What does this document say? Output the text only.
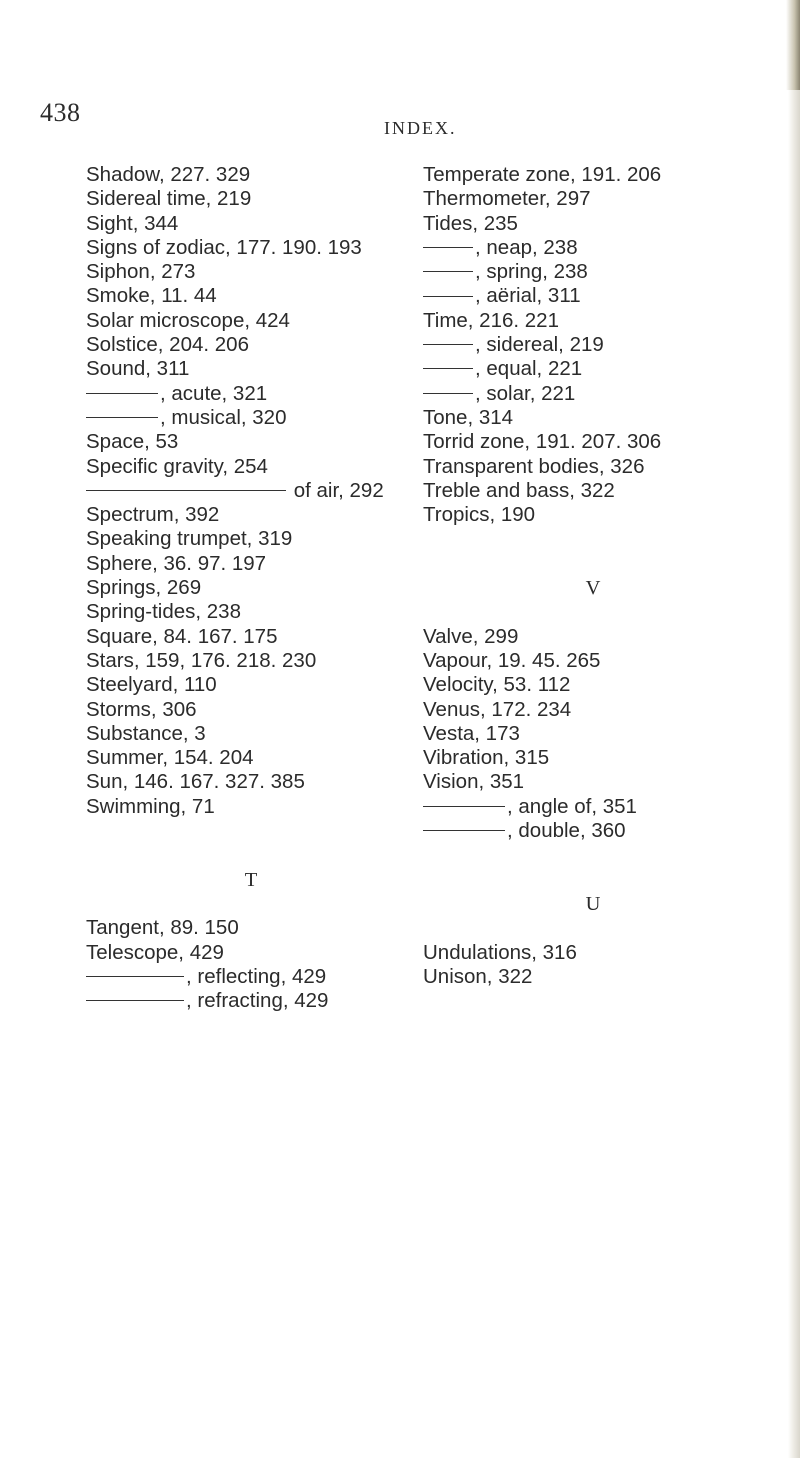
438
INDEX.
Shadow, 227. 329
Sidereal time, 219
Sight, 344
Signs of zodiac, 177. 190. 193
Siphon, 273
Smoke, 11. 44
Solar microscope, 424
Solstice, 204. 206
Sound, 311
, acute, 321
, musical, 320
Space, 53
Specific gravity, 254
of air, 292
Spectrum, 392
Speaking trumpet, 319
Sphere, 36. 97. 197
Springs, 269
Spring-tides, 238
Square, 84. 167. 175
Stars, 159, 176. 218. 230
Steelyard, 110
Storms, 306
Substance, 3
Summer, 154. 204
Sun, 146. 167. 327. 385
Swimming, 71
T
Tangent, 89. 150
Telescope, 429
, reflecting, 429
, refracting, 429
Temperate zone, 191. 206
Thermometer, 297
Tides, 235
, neap, 238
, spring, 238
, aërial, 311
Time, 216. 221
, sidereal, 219
, equal, 221
, solar, 221
Tone, 314
Torrid zone, 191. 207. 306
Transparent bodies, 326
Treble and bass, 322
Tropics, 190
V
Valve, 299
Vapour, 19. 45. 265
Velocity, 53. 112
Venus, 172. 234
Vesta, 173
Vibration, 315
Vision, 351
, angle of, 351
, double, 360
U
Undulations, 316
Unison, 322
